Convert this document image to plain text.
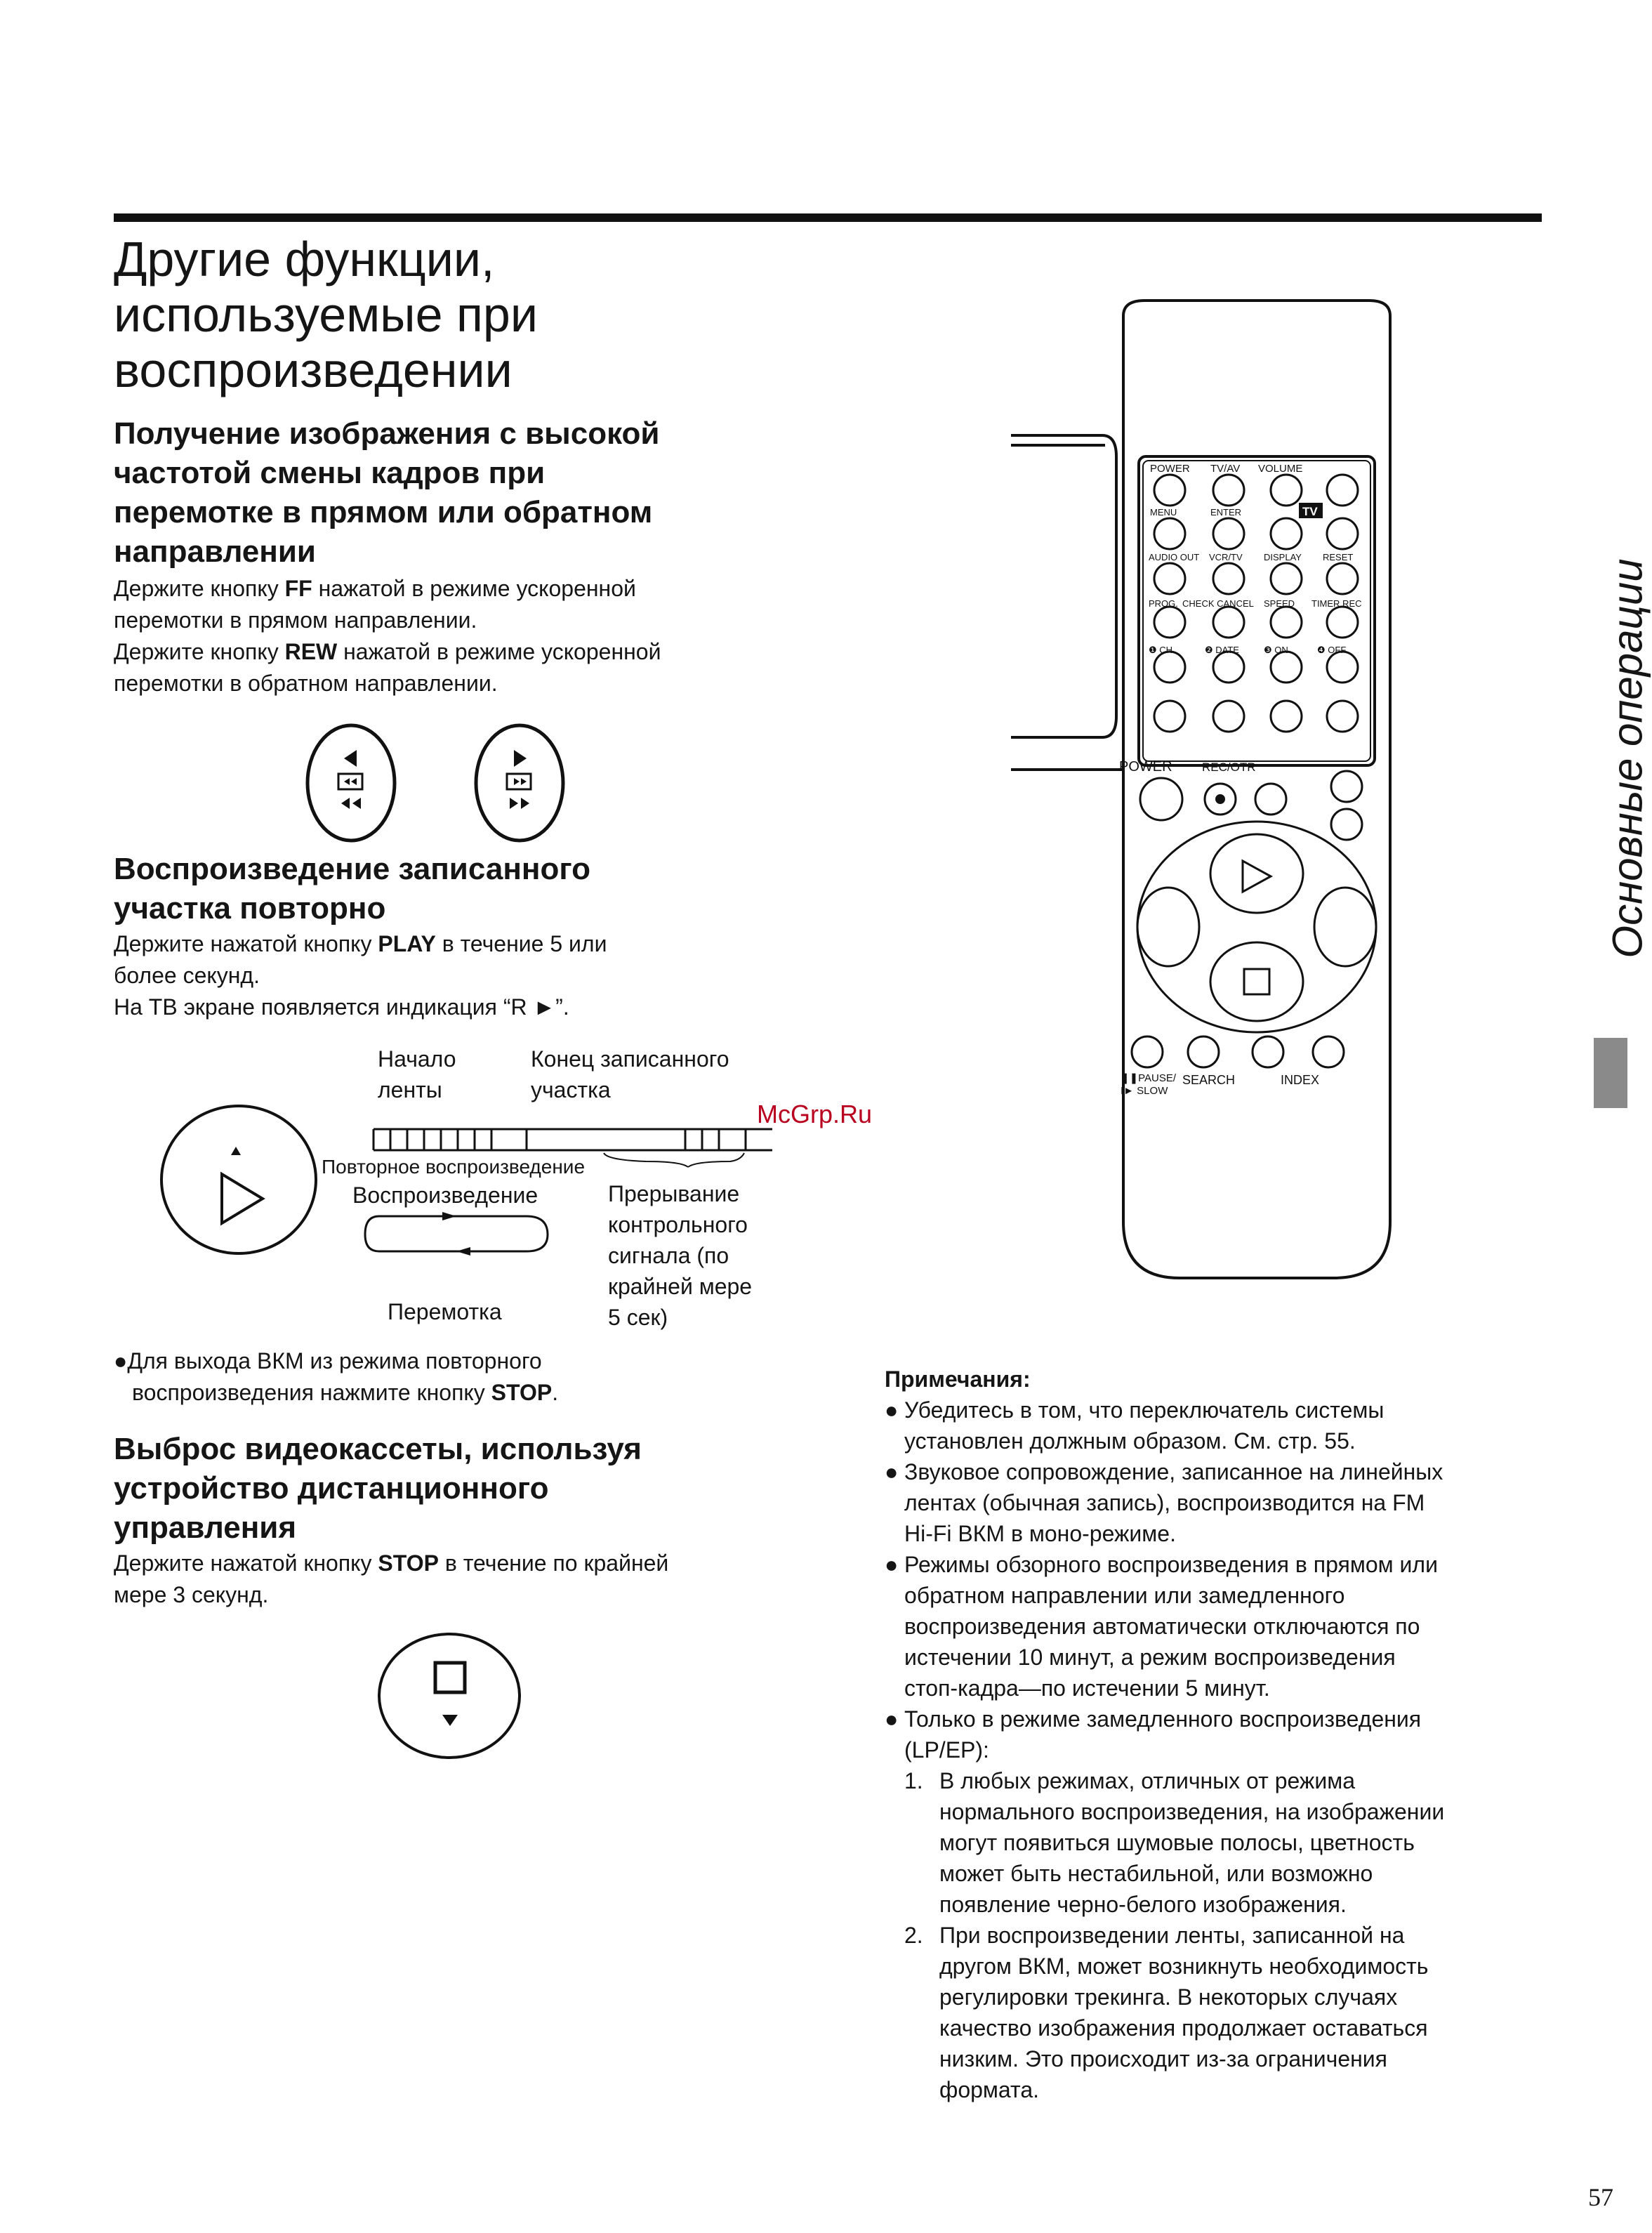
Другие функции,
используемые при
воспроизведении
Получение изображения с высокой
частотой смены кадров при
перемотке в прямом или обратном
направлении
Держите кнопку FF нажатой в режиме ускоренной
перемотки в прямом направлении.
Держите кнопку REW нажатой в режиме ускоренной
перемотки в обратном направлении.
Воспроизведение записанного
участка повторно
Держите нажатой кнопку PLAY в течение 5 или
более секунд.
На ТВ экране появляется индикация “R ►”.
Начало
ленты
Конец записанного
участка
Повторное воспроизведение
Воспроизведение
Перемотка
Прерывание
контрольного
сигнала (по
крайней мере
5 сек)
●Для выхода ВКМ из режима повторного
воспроизведения нажмите кнопку STOP.
Выброс видеокассеты, используя
устройство дистанционного
управления
Держите нажатой кнопку STOP в течение по крайней
мере 3 секунд.
POWER TV/AV VOLUME
MENU	ENTER
AUDIO OUT VCR/TV DISPLAY RESET
PROG. CHECK CANCEL SPEED TIMER REC
❶ CH	❷ DATE	❸ ON	❹ OFF
TV
POWER REC/OTR
❚❚PAUSE/
I► SLOW
SEARCH	INDEX
Примечания:
● Убедитесь в том, что переключатель системы
установлен должным образом. См. стр. 55.
● Звуковое сопровождение, записанное на линейных
лентах (обычная запись), воспроизводится на FM
Hi-Fi ВКМ в моно-режиме.
● Режимы обзорного воспроизведения в прямом или
обратном направлении или замедленного
воспроизведения автоматически отключаются по
истечении 10 минут, а режим воспроизведения
стоп-кадра—по истечении 5 минут.
● Только в режиме замедленного воспроизведения
(LP/EP):
1. В любых режимах, отличных от режима
нормального воспроизведения, на изображении
могут появиться шумовые полосы, цветность
может быть нестабильной, или возможно
появление черно-белого изображения.
2. При воспроизведении ленты, записанной на
другом ВКМ, может возникнуть необходимость
регулировки трекинга. В некоторых случаях
качество изображения продолжает оставаться
низким. Это происходит из-за ограничения
формата.
Основные операции
McGrp.Ru
57
